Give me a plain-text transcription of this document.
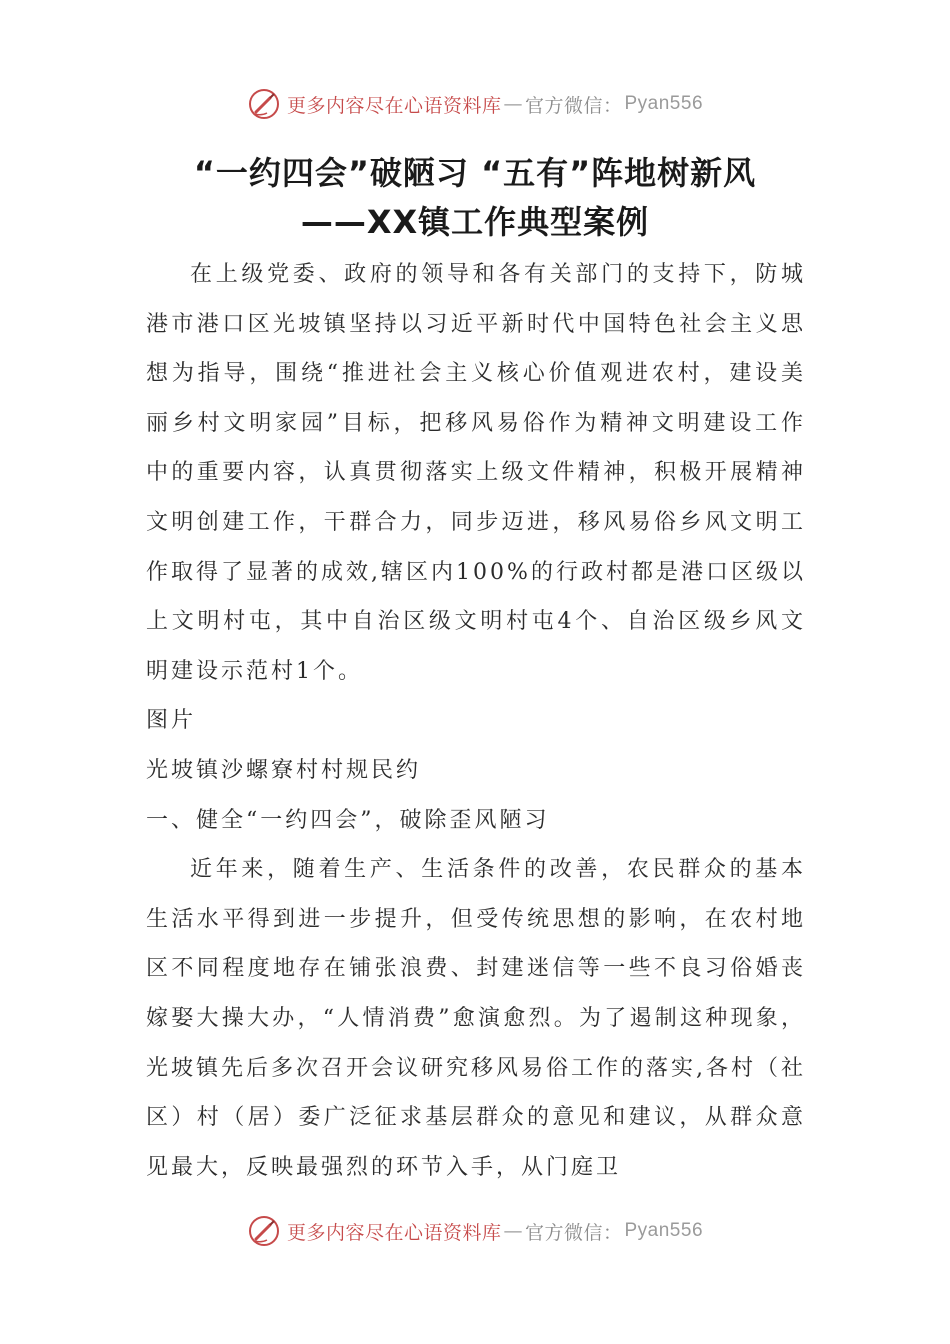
更多内容尽在心语资料库 — 官方微信： Pyan556
“一约四会”破陋习 “五有”阵地树新风
——XX镇工作典型案例

在上级党委、政府的领导和各有关部门的支持下，防城港市港口区光坡镇坚持以习近平新时代中国特色社会主义思想为指导，围绕“推进社会主义核心价值观进农村，建设美丽乡村文明家园”目标，把移风易俗作为精神文明建设工作中的重要内容，认真贯彻落实上级文件精神，积极开展精神文明创建工作，干群合力，同步迈进，移风易俗乡风文明工作取得了显著的成效,辖区内100%的行政村都是港口区级以上文明村屯，其中自治区级文明村屯4个、自治区级乡风文明建设示范村1个。

图片

光坡镇沙螺寮村村规民约

一、健全“一约四会”，破除歪风陋习

近年来，随着生产、生活条件的改善，农民群众的基本生活水平得到进一步提升，但受传统思想的影响，在农村地区不同程度地存在铺张浪费、封建迷信等一些不良习俗婚丧嫁娶大操大办，“人情消费”愈演愈烈。为了遏制这种现象，光坡镇先后多次召开会议研究移风易俗工作的落实,各村（社区）村（居）委广泛征求基层群众的意见和建议，从群众意见最大，反映最强烈的环节入手，从门庭卫

更多内容尽在心语资料库 — 官方微信： Pyan556
